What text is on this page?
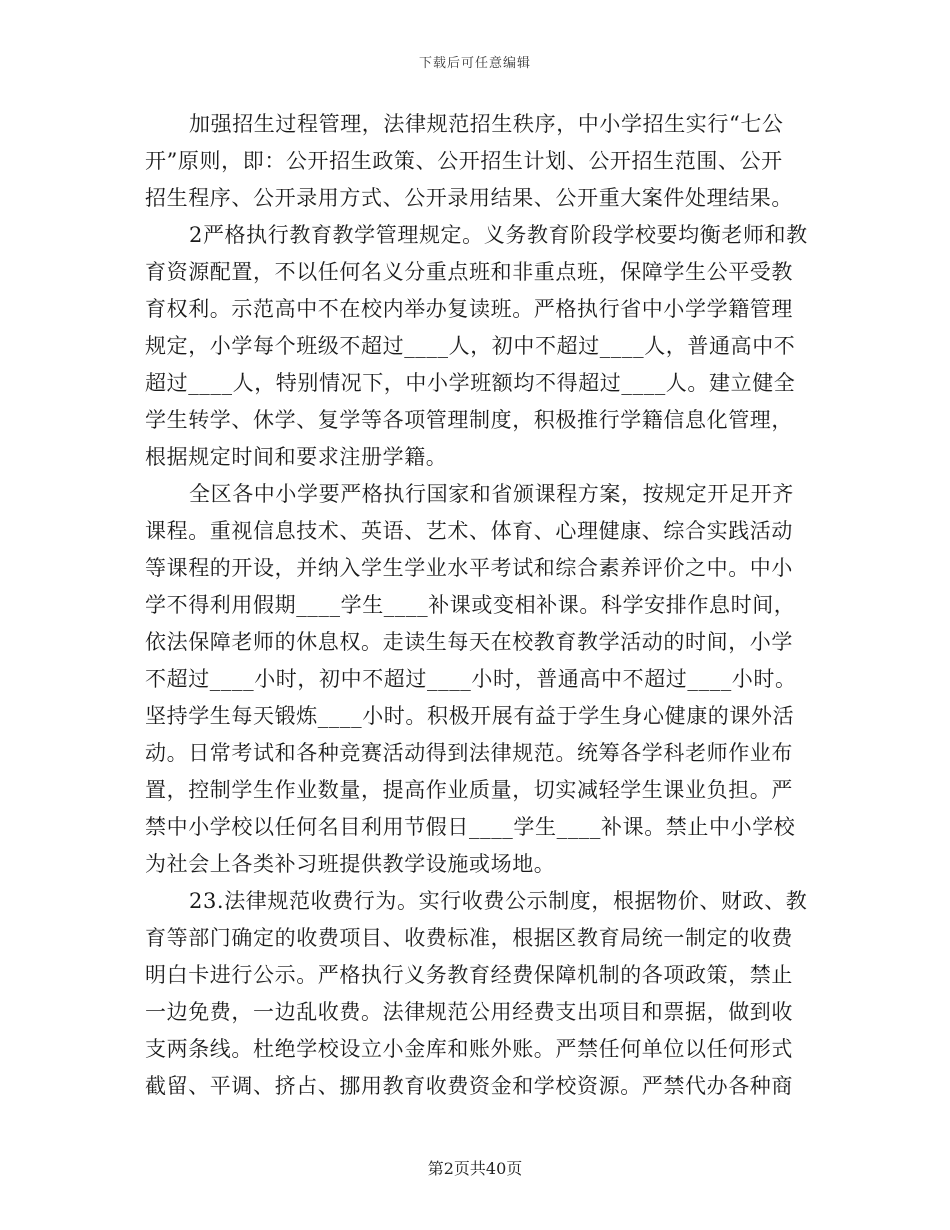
下载后可任意编辑
加强招生过程管理，法律规范招生秩序，中小学招生实行“七公
开”原则，即：公开招生政策、公开招生计划、公开招生范围、公开
招生程序、公开录用方式、公开录用结果、公开重大案件处理结果。
2严格执行教育教学管理规定。义务教育阶段学校要均衡老师和教
育资源配置，不以任何名义分重点班和非重点班，保障学生公平受教
育权利。示范高中不在校内举办复读班。严格执行省中小学学籍管理
规定，小学每个班级不超过____人，初中不超过____人，普通高中不
超过____人，特别情况下，中小学班额均不得超过____人。建立健全
学生转学、休学、复学等各项管理制度，积极推行学籍信息化管理，
根据规定时间和要求注册学籍。
全区各中小学要严格执行国家和省颁课程方案，按规定开足开齐
课程。重视信息技术、英语、艺术、体育、心理健康、综合实践活动
等课程的开设，并纳入学生学业水平考试和综合素养评价之中。中小
学不得利用假期____学生____补课或变相补课。科学安排作息时间，
依法保障老师的休息权。走读生每天在校教育教学活动的时间，小学
不超过____小时，初中不超过____小时，普通高中不超过____小时。
坚持学生每天锻炼____小时。积极开展有益于学生身心健康的课外活
动。日常考试和各种竞赛活动得到法律规范。统筹各学科老师作业布
置，控制学生作业数量，提高作业质量，切实减轻学生课业负担。严
禁中小学校以任何名目利用节假日____学生____补课。禁止中小学校
为社会上各类补习班提供教学设施或场地。
23.法律规范收费行为。实行收费公示制度，根据物价、财政、教
育等部门确定的收费项目、收费标准，根据区教育局统一制定的收费
明白卡进行公示。严格执行义务教育经费保障机制的各项政策，禁止
一边免费，一边乱收费。法律规范公用经费支出项目和票据，做到收
支两条线。杜绝学校设立小金库和账外账。严禁任何单位以任何形式
截留、平调、挤占、挪用教育收费资金和学校资源。严禁代办各种商
第2页共40页
